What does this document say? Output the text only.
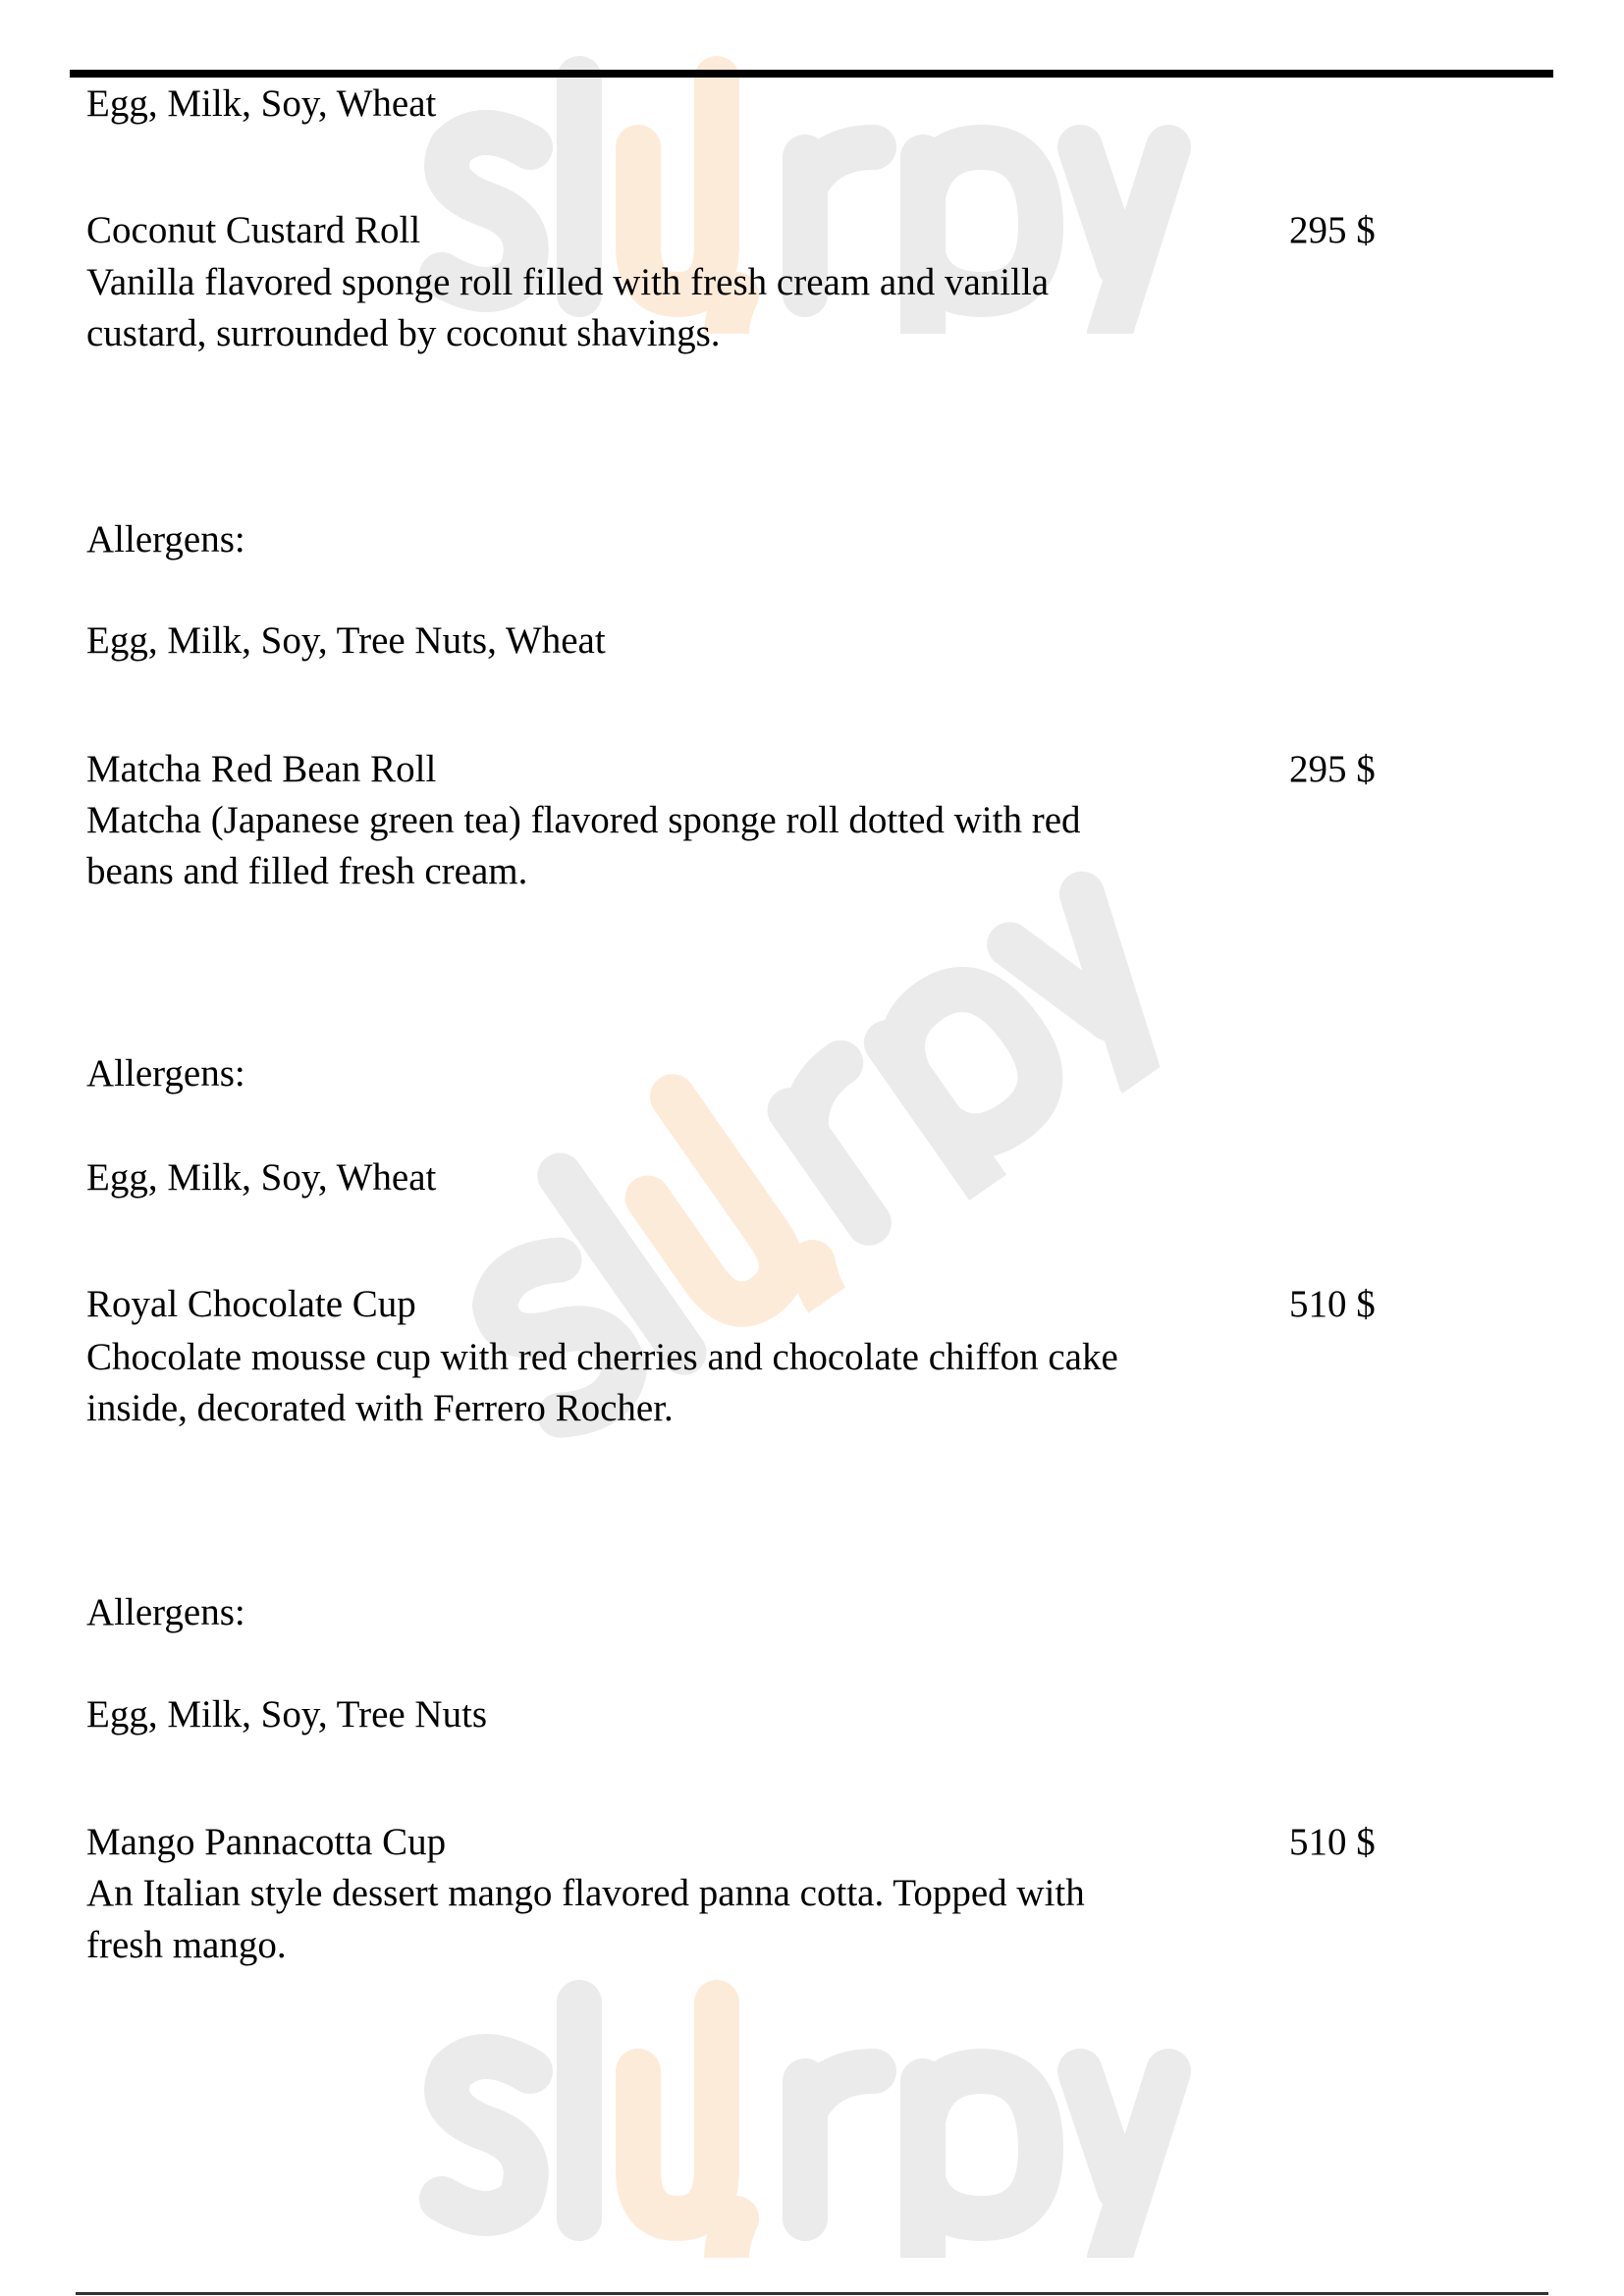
Egg, Milk, Soy, Wheat
Coconut Custard Roll	295 $
Vanilla flavored sponge roll filled with fresh cream and vanilla
custard, surrounded by coconut shavings.
Allergens:
Egg, Milk, Soy, Tree Nuts, Wheat
Matcha Red Bean Roll	295 $
Matcha (Japanese green tea) flavored sponge roll dotted with red
beans and filled fresh cream.
Allergens:
Egg, Milk, Soy, Wheat
Royal Chocolate Cup	510 $
Chocolate mousse cup with red cherries and chocolate chiffon cake
inside, decorated with Ferrero Rocher.
Allergens:
Egg, Milk, Soy, Tree Nuts
Mango Pannacotta Cup	510 $
An Italian style dessert mango flavored panna cotta. Topped with
fresh mango.
